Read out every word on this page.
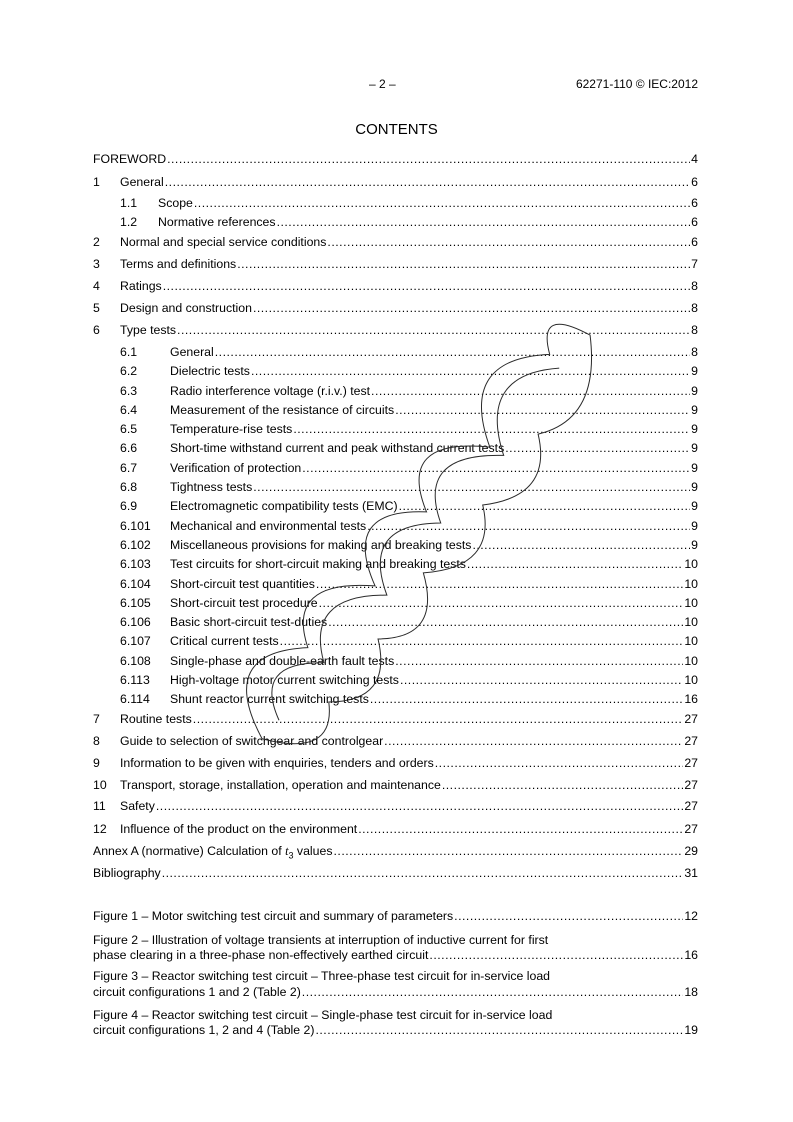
– 2 –	62271-110 © IEC:2012
CONTENTS
FOREWORD .....	4
1	General .....	6
1.1	Scope .....	6
1.2	Normative references .....	6
2	Normal and special service conditions .....	6
3	Terms and definitions .....	7
4	Ratings .....	8
5	Design and construction .....	8
6	Type tests .....	8
6.1	General .....	8
6.2	Dielectric tests .....	9
6.3	Radio interference voltage (r.i.v.) test .....	9
6.4	Measurement of the resistance of circuits .....	9
6.5	Temperature-rise tests .....	9
6.6	Short-time withstand current and peak withstand current tests .....	9
6.7	Verification of protection .....	9
6.8	Tightness tests .....	9
6.9	Electromagnetic compatibility tests (EMC) .....	9
6.101	Mechanical and environmental tests .....	9
6.102	Miscellaneous provisions for making and breaking tests .....	9
6.103	Test circuits for short-circuit making and breaking tests .....	10
6.104	Short-circuit test quantities .....	10
6.105	Short-circuit test procedure .....	10
6.106	Basic short-circuit test-duties .....	10
6.107	Critical current tests .....	10
6.108	Single-phase and double-earth fault tests .....	10
6.113	High-voltage motor current switching tests .....	10
6.114	Shunt reactor current switching tests .....	16
7	Routine tests .....	27
8	Guide to selection of switchgear and controlgear .....	27
9	Information to be given with enquiries, tenders and orders .....	27
10	Transport, storage, installation, operation and maintenance .....	27
11	Safety .....	27
12	Influence of the product on the environment .....	27
Annex A (normative) Calculation of $t_3$ values .....	29
Bibliography .....	31
Figure 1 – Motor switching test circuit and summary of parameters .....	12
Figure 2 – Illustration of voltage transients at interruption of inductive current for first
phase clearing in a three-phase non-effectively earthed circuit .....	16
Figure 3 – Reactor switching test circuit – Three-phase test circuit for in-service load
circuit configurations 1 and 2 (Table 2) .....	18
Figure 4 – Reactor switching test circuit – Single-phase test circuit for in-service load
circuit configurations 1, 2 and 4 (Table 2) .....	19
